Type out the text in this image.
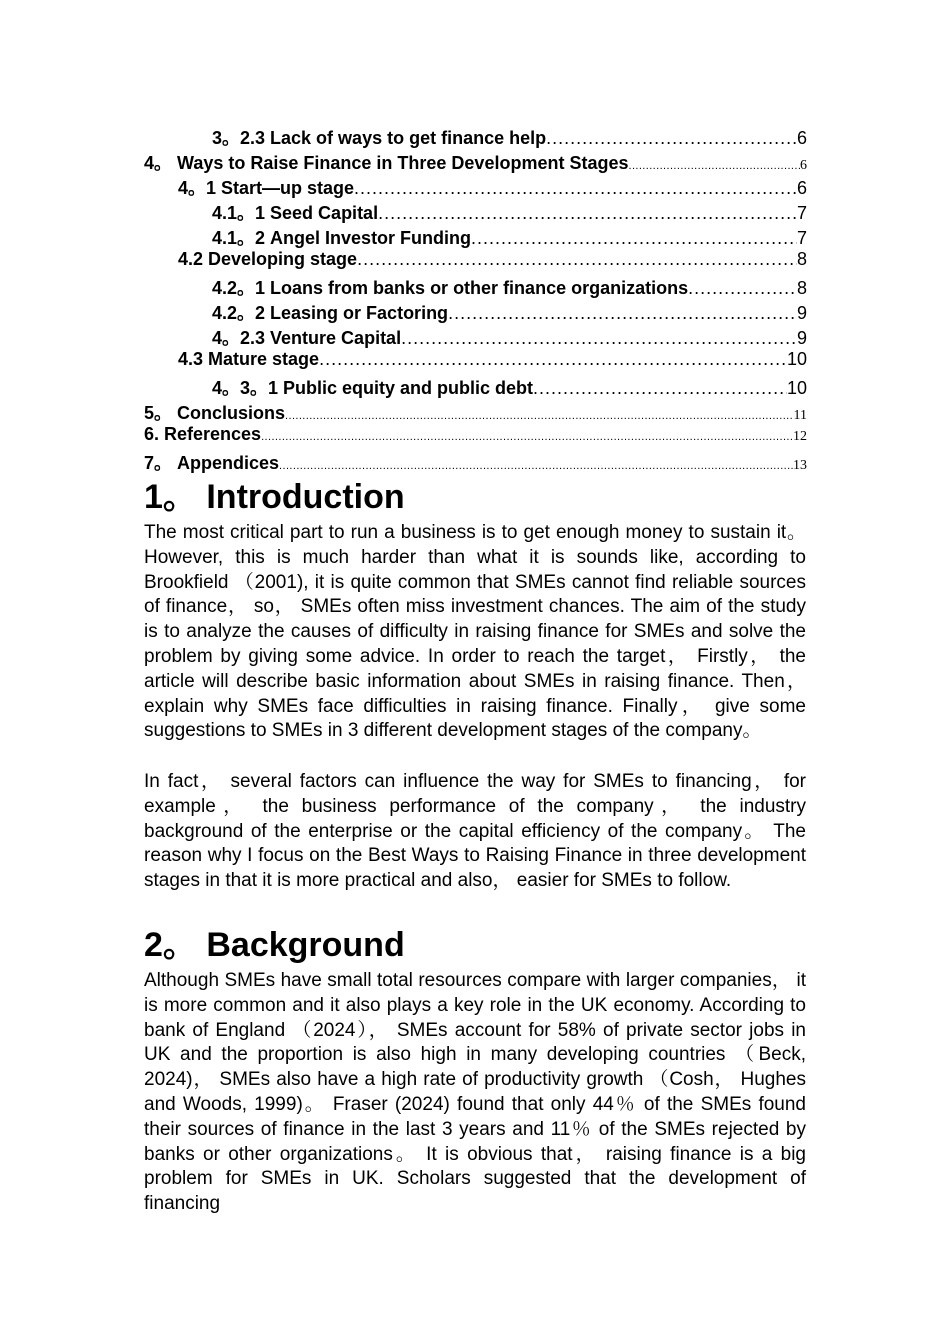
3。2.3 Lack of ways to get finance help .....	6
4。 Ways to Raise Finance in Three Development Stages .....	6
4。1 Start—up stage .....	6
4.1。1 Seed Capital .....	7
4.1。2 Angel Investor Funding .....	7
4.2 Developing stage .....	8
4.2。1 Loans from banks or other finance organizations .....	8
4.2。2 Leasing or Factoring .....	9
4。2.3 Venture Capital .....	9
4.3 Mature stage .....	10
4。3。1 Public equity and public debt .....	10
5。 Conclusions .....	11
6. References .....	12
7。 Appendices .....	13
1。 Introduction
The most critical part to run a business is to get enough money to sustain it。 However, this is much harder than what it is sounds like, according to Brookfield （2001), it is quite common that SMEs cannot find reliable sources of finance， so， SMEs often miss investment chances. The aim of the study is to analyze the causes of difficulty in raising finance for SMEs and solve the problem by giving some advice. In order to reach the target， Firstly， the article will describe basic information about SMEs in raising finance. Then， explain why SMEs face difficulties in raising finance. Finally， give some suggestions to SMEs in 3 different development stages of the company。
In fact， several factors can influence the way for SMEs to financing， for example， the business performance of the company， the industry background of the enterprise or the capital efficiency of the company。 The reason why I focus on the Best Ways to Raising Finance in three development stages in that it is more practical and also， easier for SMEs to follow.
2。 Background
Although SMEs have small total resources compare with larger companies， it is more common and it also plays a key role in the UK economy. According to bank of England （2024）， SMEs account for 58% of private sector jobs in UK and the proportion is also high in many developing countries （Beck, 2024)， SMEs also have a high rate of productivity growth （Cosh， Hughes and Woods, 1999)。 Fraser (2024) found that only 44％ of the SMEs found their sources of finance in the last 3 years and 11％ of the SMEs rejected by banks or other organizations。 It is obvious that， raising finance is a big problem for SMEs in UK. Scholars suggested that the development of financing
